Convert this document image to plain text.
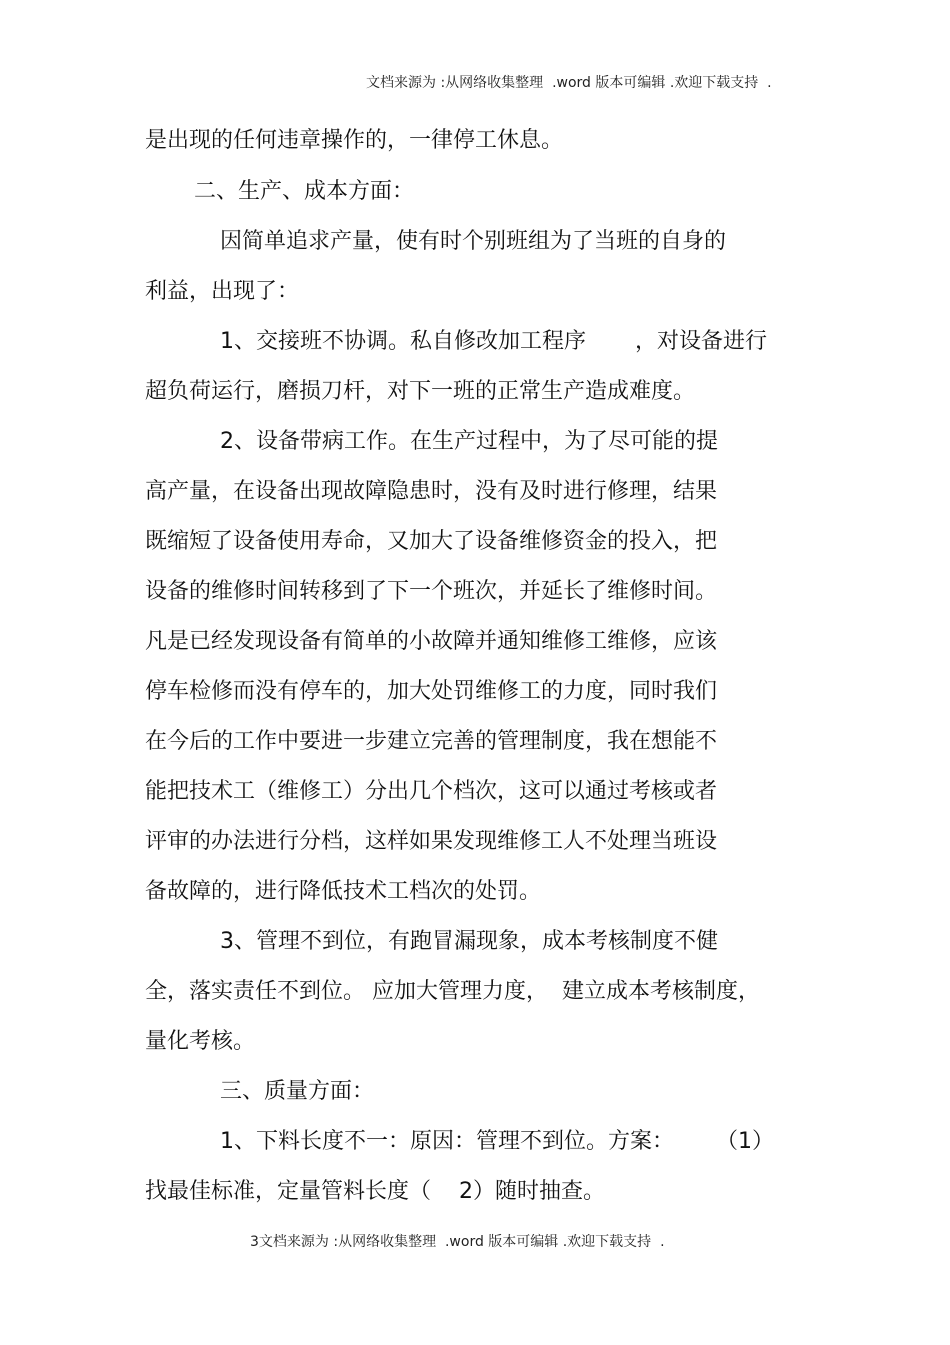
文档来源为 :从网络收集整理  .word 版本可编辑 .欢迎下载支持  .
是出现的任何违章操作的，一律停工休息。
二、生产、成本方面：
因简单追求产量，使有时个别班组为了当班的自身的
利益，出现了：
1、交接班不协调。私自修改加工程序       ，对设备进行
超负荷运行，磨损刀杆，对下一班的正常生产造成难度。
2、设备带病工作。在生产过程中，为了尽可能的提
高产量，在设备出现故障隐患时，没有及时进行修理，结果
既缩短了设备使用寿命，又加大了设备维修资金的投入，把
设备的维修时间转移到了下一个班次，并延长了维修时间。
凡是已经发现设备有简单的小故障并通知维修工维修，应该
停车检修而没有停车的，加大处罚维修工的力度，同时我们
在今后的工作中要进一步建立完善的管理制度，我在想能不
能把技术工（维修工）分出几个档次，这可以通过考核或者
评审的办法进行分档，这样如果发现维修工人不处理当班设
备故障的，进行降低技术工档次的处罚。
3、管理不到位，有跑冒漏现象，成本考核制度不健
全，落实责任不到位。 应加大管理力度，  建立成本考核制度，
量化考核。
三、质量方面：
1、下料长度不一：原因：管理不到位。方案：      （1）
找最佳标准，定量管料长度（    2）随时抽查。
3文档来源为 :从网络收集整理  .word 版本可编辑 .欢迎下载支持  .
